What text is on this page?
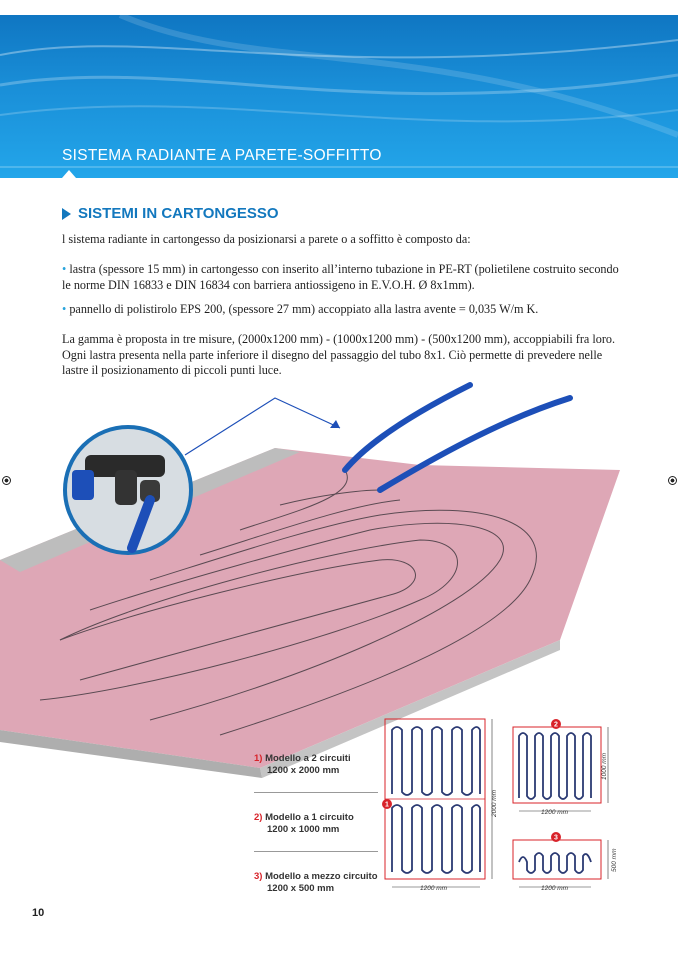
SISTEMA RADIANTE A PARETE-SOFFITTO
SISTEMI IN CARTONGESSO
l sistema radiante in cartongesso da posizionarsi a parete o a soffitto è composto da:
• lastra (spessore 15 mm) in cartongesso con inserito all’interno tubazione in PE-RT (polietilene costruito secondo le norme DIN 16833 e DIN 16834 con barriera antiossigeno in E.V.O.H. Ø 8x1mm).
• pannello di polistirolo EPS 200, (spessore 27 mm) accoppiato alla lastra avente = 0,035 W/m K.
La gamma è proposta in tre misure, (2000x1200 mm) - (1000x1200 mm) - (500x1200 mm), accoppiabili fra loro. Ogni lastra presenta nella parte inferiore il disegno del passaggio del tubo 8x1. Ciò permette di prevedere nelle lastre il posizionamento di piccoli punti luce.
1) Modello a 2 circuiti
1200 x 2000 mm
2) Modello a 1 circuito
1200 x 1000 mm
3) Modello a mezzo circuito
1200 x 500 mm
1	2000 mm
1200 mm
2
1000 mm
1200 mm
3
500 mm
1200 mm
10
